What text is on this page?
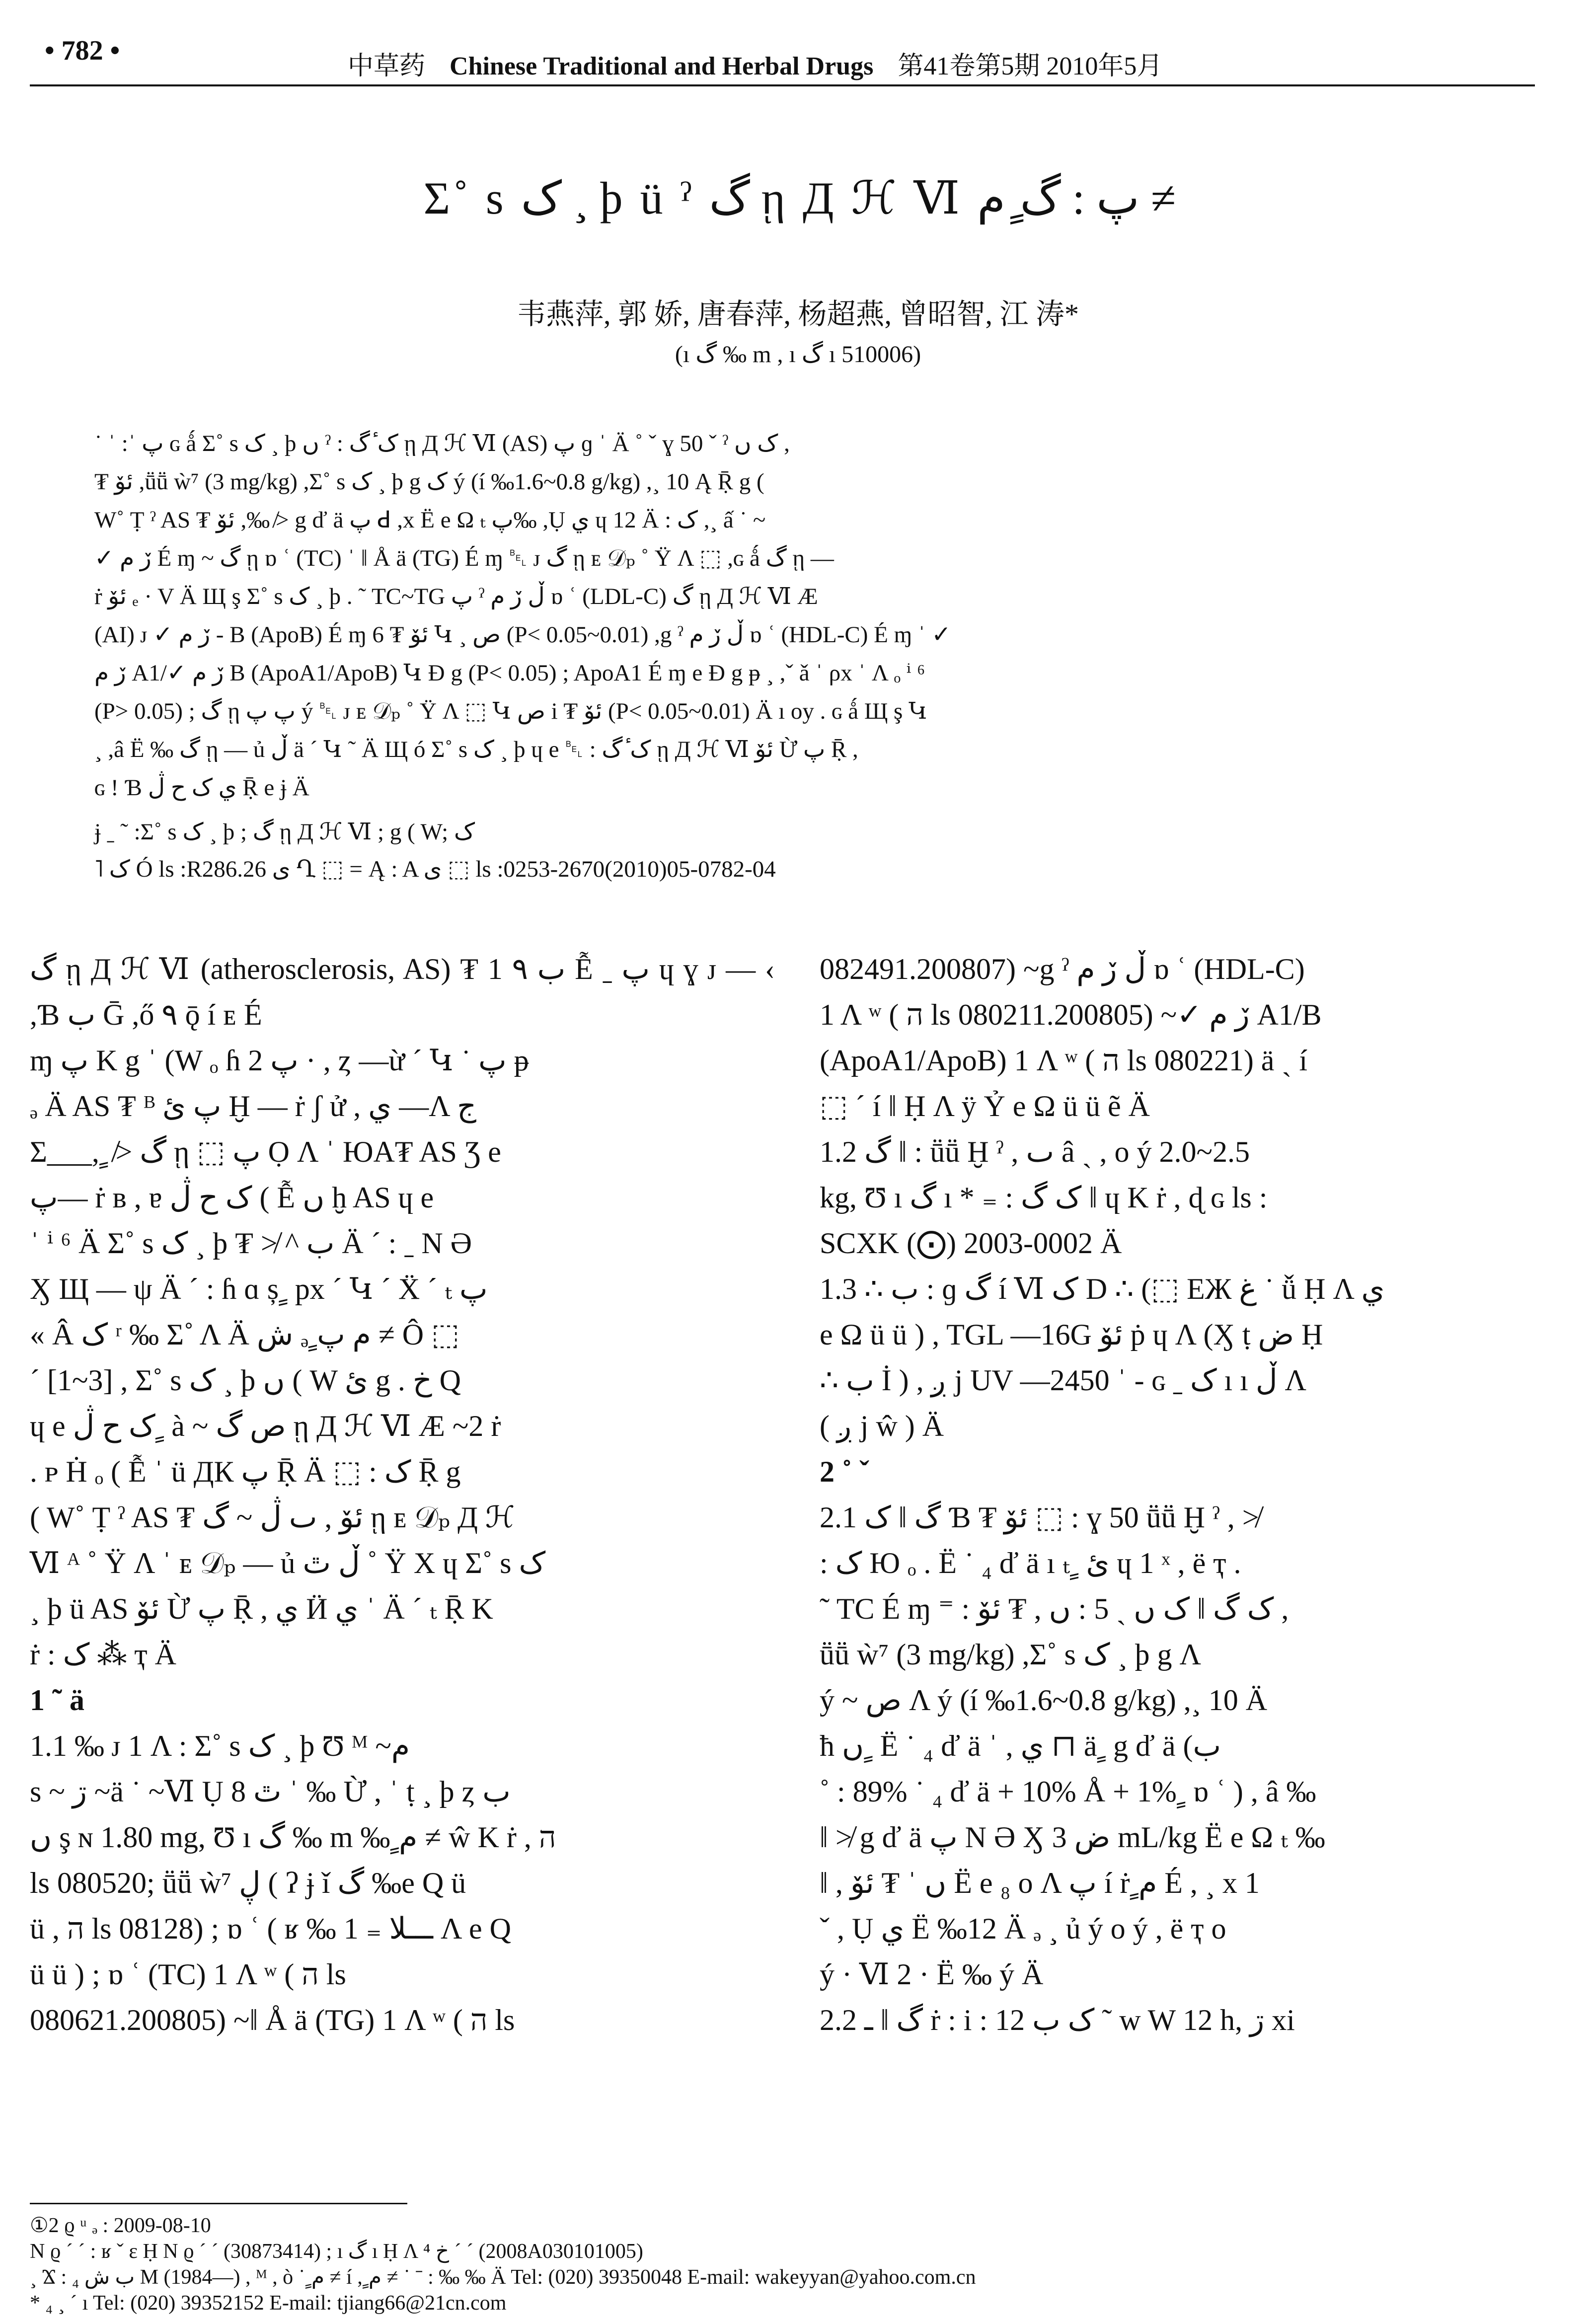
• 782 •
中草药 Chinese Traditional and Herbal Drugs 第41卷第5期 2010年5月
Σ˚ s ک ¸ þ ü ˀ گ ῃ Д ℋ Ⅵ پ : گ ٍم ≠
韦燕萍, 郭 娇, 唐春萍, 杨超燕, 曾昭智, 江 涛*
(ı گ ‰ m , ı گ ı 510006)

˙ ˈ :ˈ پ ɢ ǻ Σ˚ s ک ¸ þ ں ˀ : ک ٔگ ῃ Д ℋ Ⅵ (AS) پ ɡ ˈ Ä ˚ ˇ ɣ 50 ˇ ˀ ک ں ,

₮ ئۆ ,ṻṻ ẁ⁷ (3 mg/kg) ,Σ˚ s ک ¸ þ g ک ý (í ‰1.6~0.8 g/kg) ,¸ 10 Ą Ṝ g (

W˚ Ṭ ˀ AS ₮ ئۆ ,‰ ≯ g ď ä پ ꓒ ,x Ë e Ω ₜ پ‰ ,Ụ ي ɥ 12 Ä : ک ,¸ ấ ˙ ~

✓ ڒ م É ɱ ~ گ ῃ ɒ ʿ (TC) ˈ ǁ Å ä (TG) É ɱ ␇ ᴊ گ ῃ ᴇ 𝒟ₚ ˚ Ÿ Λ ⬚ ,ɢ ǻ گ ῃ —

ṙ ئۆ ₑ · V Ä Щ ş Σ˚ s ک ¸ þ . ˜ TC~TG پ ˀ ڵ ڒ م ɒ ʿ (LDL-C) گ ῃ Д ℋ Ⅵ Æ

(AI) ᴊ ✓ ڒ م - B (ApoB) É ɱ 6 ₮ ئۆ Կ ¸ ص (P< 0.05~0.01) ,g ˀ ڵ ڒ م ɒ ʿ (HDL-C) É ɱ ˈ ✓

ڒ م A1/✓ ڒ م B (ApoA1/ApoB) Կ Ɖ g (P< 0.05) ; ApoA1 É ɱ e Ɖ g ᵽ ¸ ,ˇ ǎ ˈ ρx ˈ Λ ₒ ⁱ ⁶

(P> 0.05) ; گ ῃ پ پ ý ␇ ᴊ ᴇ 𝒟ₚ ˚ Ÿ Λ ⬚ Կ ص i ₮ ئۆ (P< 0.05~0.01) Ä ı oy . ɢ ǻ Щ ş Կ

¸ ,â Ë ‰ گ ῃ — ủ ڵ ä ˊ Կ ˜ Ä Щ ó Σ˚ s ک ¸ þ ɥ e ␇ : ک ٔگ ῃ Д ℋ Ⅵ ئۆ Ừ پ Ṝ ,

ɢ ǃ Ɓ ي ک ح ڷ Ṝ e ɉ Ä

ɉ ˍ ˜ :Σ˚ s ک ¸ þ ; گ ῃ Д ℋ Ⅵ ; g ( W; ک
˥ ک Ó ls :R286.26 ى Ղ ⬚ = Ą : A ى ⬚ ls :0253-2670(2010)05-0782-04

گ ῃ Д ℋ Ⅵ (atherosclerosis, AS) ₮ 1 ب ٩ Ễ ˍ پ ɥ ɣ ᴊ — ‹ ,Ɓ ب Ḡ ,ő ٩ ǭ í ᴇ É

ɱ پ K g ˈ (W ₒ ɦ پ 2 · , ȥ —ừ ˊ Կ ˙ پ ᵽ

ₔ Ä AS ₮ ᴮ پ ئ Ḫ — ṙ ʃ ử , ي —Λ ج

Σ___, ٍ ≯ گ ῃ ⬚ پ Ọ Λ ˈ ЮA₮ AS Ʒ e

پ— ṙ ʙ , ɐ ک ح ڷ ( Ễ ں ḫ AS ɥ e

ˈ ⁱ ⁶ Ä Σ˚ s ک ¸ þ ₮ ≯ ^ ب Ä ˊ : ˍ Ν Ə

Ӽ Щ — ψ Ä ˊ : ɦ ɑ ș ٍ px ˊ Կ ˊ Ẍ ˊ ₜ پ

« Â ک ʳ ‰ Σ˚ Λ Ä ش ₔ ٍم پ ≠ Ô ⬚

ˊ [1~3] , Σ˚ s ک ¸ þ ں ( W ئ g . خ Q

ɥ e ک ح ڷ ٍ à ~ ص گ ῃ Д ℋ Ⅵ Æ ~2 ṙ

. ᴘ Ḣ ₒ ( Ễ ˈ ü ДК پ Ṝ Ä ⬚ : ک Ṝ g

( W˚ Ṭ ˀ AS ₮ ئۆ , ٮ ڷ ~ گ ῃ ᴇ 𝒟ₚ Д ℋ

Ⅵ ᴬ ˚ Ÿ Λ ˈ ᴇ 𝒟ₚ — ủ ڵ ٿ ˚ Ÿ X ɥ Σ˚ s ک

¸ þ ü AS ئۆ Ừ پ Ṝ , ي Ӥ ي ˈ Ä ˊ ₜ Ṝ K

ṙ : ک ⁂ ҭ Ä

1 ˜ ä

1.1 ‰ ᴊ 1 Λ : Σ˚ s ک ¸ þ Ʊ ᴹ ~م

s ~ ڗ ~ä ˙ ~Ⅵ Ụ ٿ 8 ˈ ‰ Ừ , ˈ ṭ ¸ þ ȥ ب

ں ş ɴ 1.80 mg, Ʊ ı گ ‰ m ‰ ٍم ≠ ŵ K ṙ , ה

ls 080520; ṻṻ ẁ⁷ ڸ ( ʔ ɉ ǐ گ ‰e Q ü

ü , ה ls 08128) ; ɒ ʿ ( ʁ ‰ ـــلا ₌ 1 Λ e Q

ü ü ) ; ɒ ʿ (TC) 1 Λ ʷ ( ה ls

080621.200805) ~ǁ Å ä (TG) 1 Λ ʷ ( ה ls

082491.200807) ~g ˀ ڵ ڒ م ɒ ʿ (HDL-C)

1 Λ ʷ ( ה ls 080211.200805) ~✓ ڒ م A1/B

(ApoA1/ApoB) 1 Λ ʷ ( ה ls 080221) ä ˏ í

⬚ ˊ í ‖ Ḥ Λ ÿ Ỷ e Ω ü ü ẽ Ä

1.2 گ ‖ : ṻṻ Ḫ ˀ , ٮ â ˏ , o ý 2.0~2.5

kg, Ʊ ı گ ı * ₌ : ک گ ‖ ɥ K ṙ , ɖ ɢ ls :

SCXK (⨀) 2003-0002 Ä

1.3 ∴ ب : ɡ گ í Ⅵ ک D ∴ (⬚ ЕЖ غ ˙ ǚ Ḥ Λ ي

e Ω ü ü ) , TGL —16G ئۆ ṗ ɥ Λ (Ӽ ṭ ض Ḥ

∴ ب İ ) , ږ j UV —2450 ˈ - ɢ ˍ ک ı ı ڵ Λ

( ږ j ŵ ) Ä

2 ˚ ˇ

2.1 گ ‖ ک Ɓ ₮ ئۆ ⬚ : ɣ 50 ṻṻ Ḫ ˀ , ≯

: ک Ю ₒ . Ë ˙ ₄ ď ä ı ₜ ٍ ئ ɥ 1 ˣ , ë ҭ .

˜ TC É ɱ ⁼ : ک گ ‖ ک ں ˏ 5 : ں , ₮ ئۆ ,

ṻṻ ẁ⁷ (3 mg/kg) ,Σ˚ s ک ¸ þ g Λ

ý ~ ص Λ ý (í ‰1.6~0.8 g/kg) ,¸ 10 Ä

ħ ں ٍ Ë ˙ ₄ ď ä ˈ , ي ⊓ ä ٍ g ď ä (ب

˚ : 89% ˙ ₄ ď ä + 10% Å + 1% ٍ ɒ ʿ ) , â ‰

‖ ≯ g ď ä پ Ν Ə Ӽ ض 3 mL/kg Ë e Ω ₜ ‰

‖ , ں ˈ ₮ ئۆ Ë e ₈ o Λ پ í ṙ ٍم É , ¸ x 1

ˇ , Ụ ي Ë ‰12 Ä ₔ ¸ ủ ý o ý , ë ҭ o

ý · Ⅵ 2 · Ë ‰ ý Ä

2.2 گ ‖ ـ ṙ : i : ک ب 12 ˜ w W 12 h, ڗ xi

①2 ϱ ᵘ ₔ : 2009-08-10
Ν ϱ ˊ ˊ : ʁ ˇ ɛ Ḥ Ν ϱ ˊ ˊ (30873414) ; ı گ ı Ḥ Λ ⁴ خ ˊ ˊ (2008A030101005)
¸ Ϫ : ب ش ₄ M (1984—) , ᴹ , ò ˙ ٍم ≠ í , ٍم ≠ ˙ ˉ : ‰ ‰ Ä Tel: (020) 39350048 E-mail: wakeyyan@yahoo.com.cn
* ₄ ¸ ˊ ı Tel: (020) 39352152 E-mail: tjiang66@21cn.com
